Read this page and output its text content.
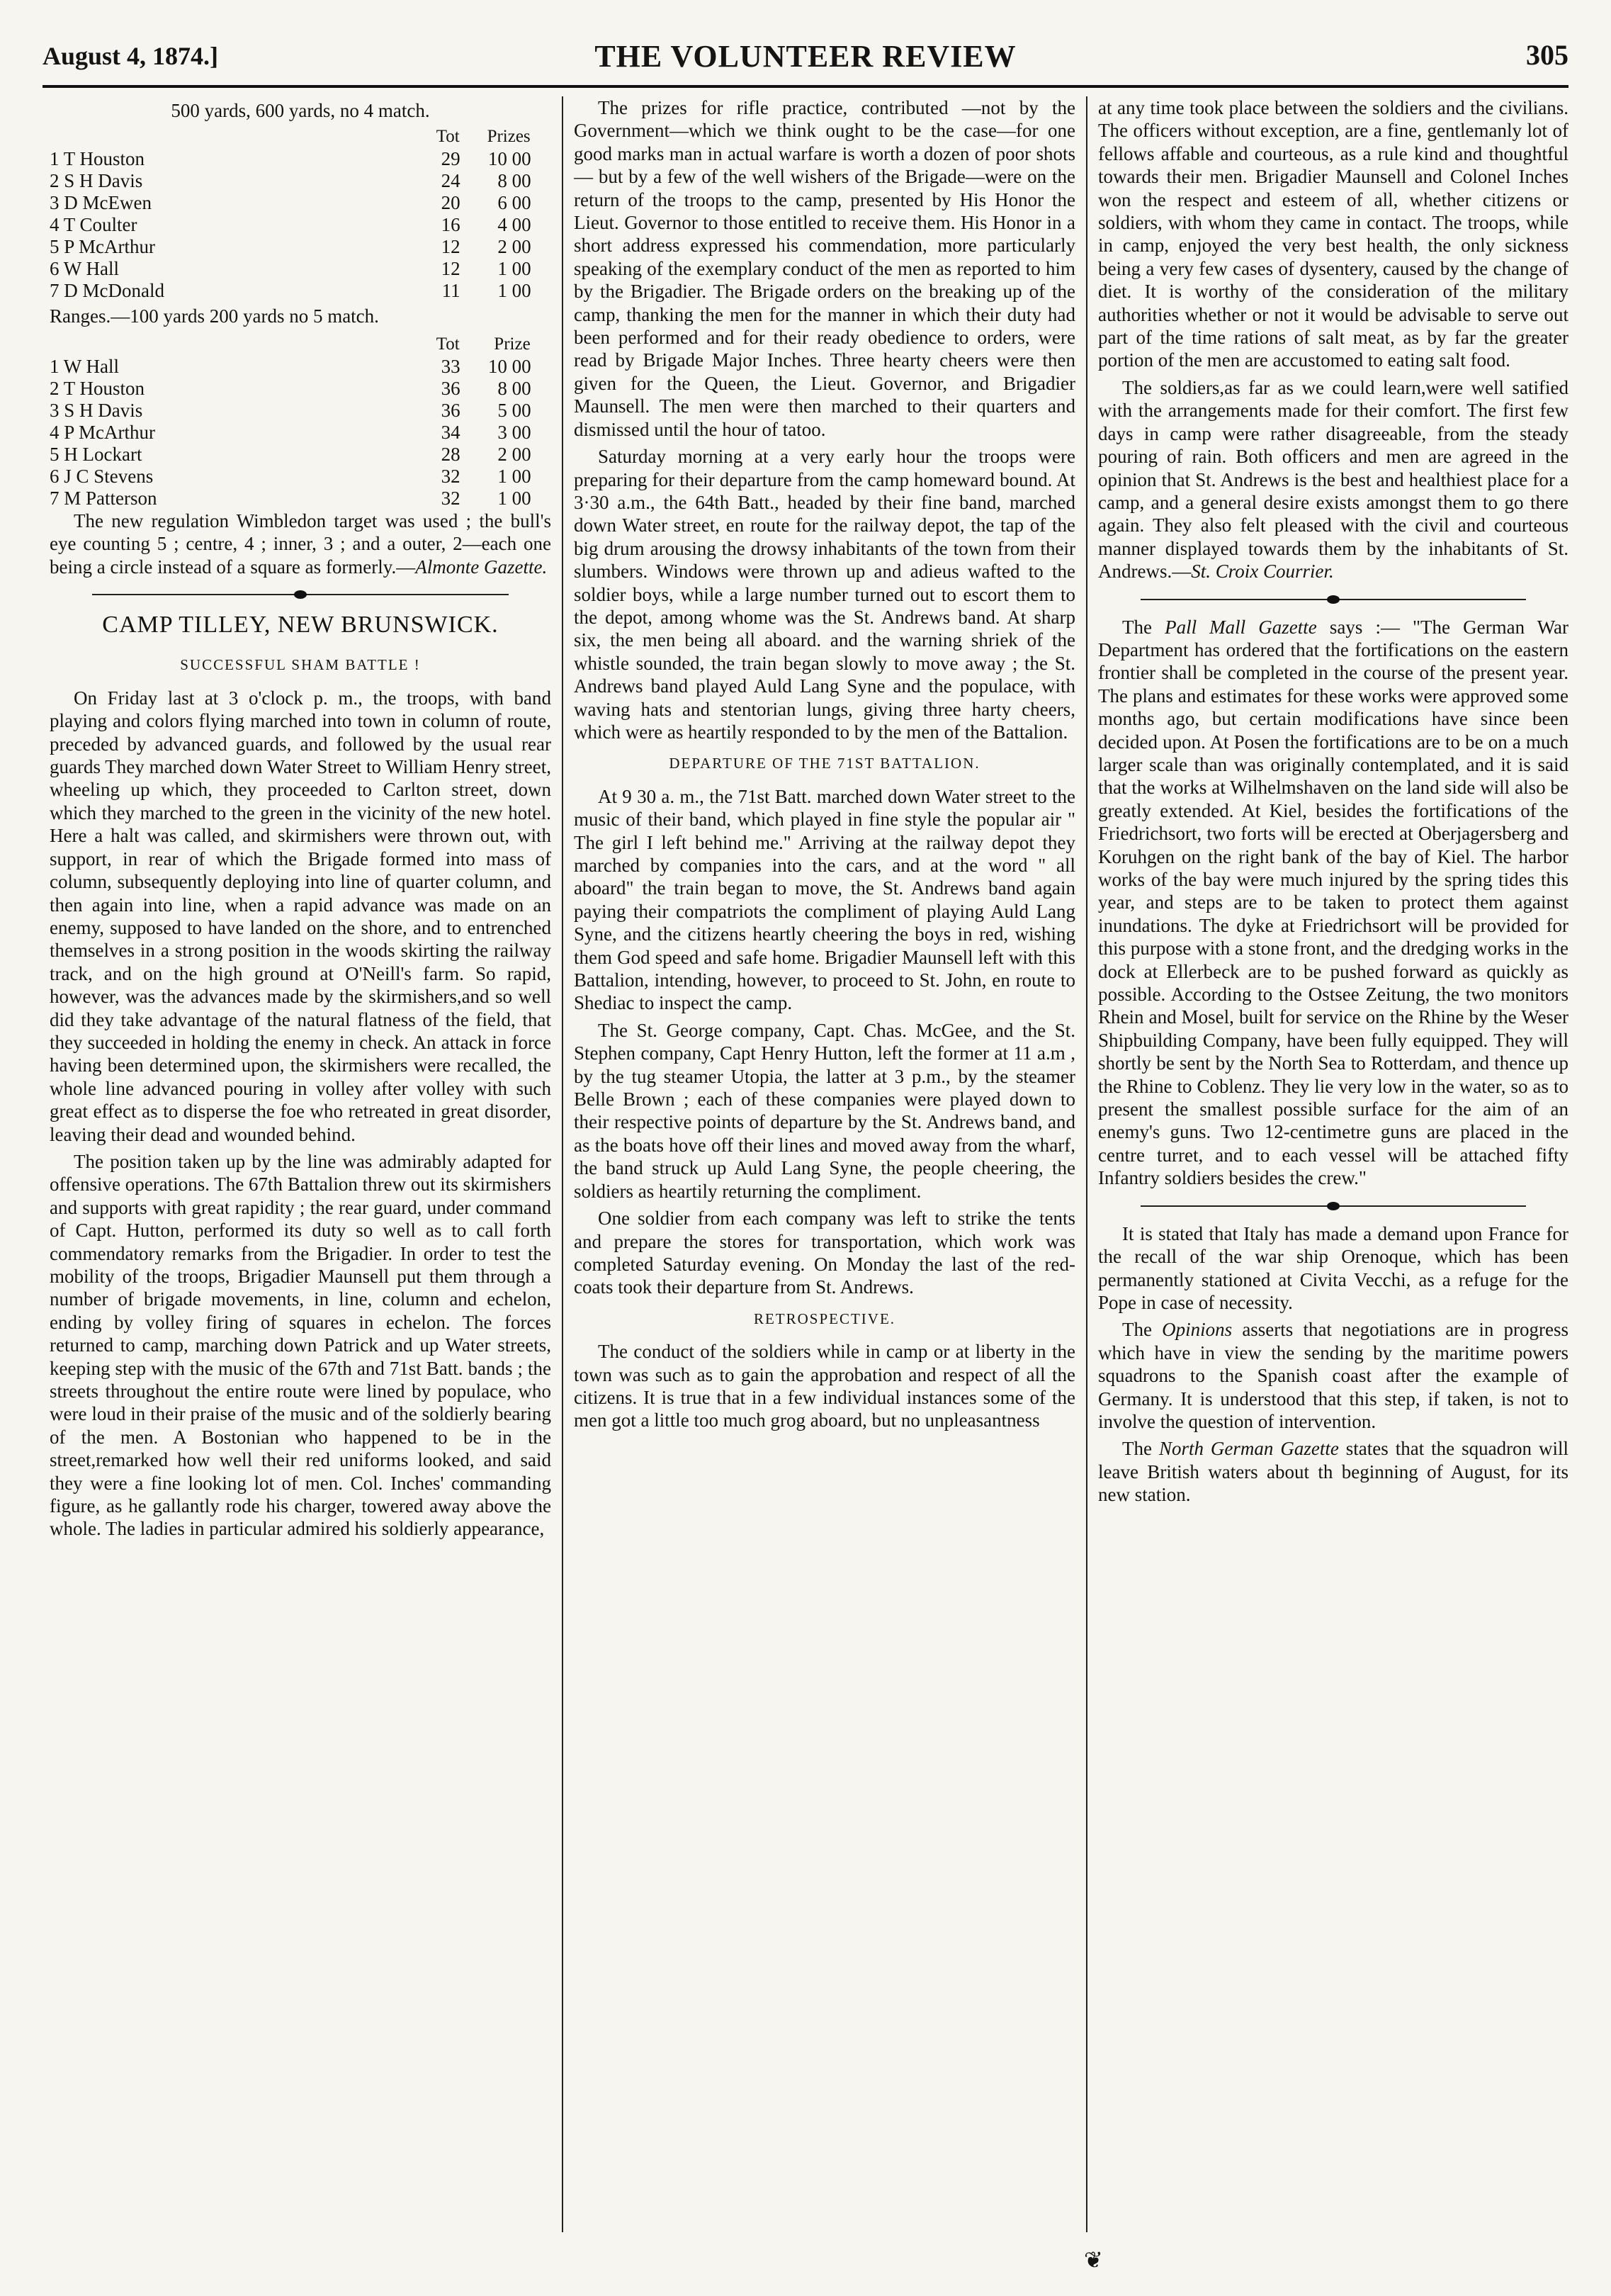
August 4, 1874.]	THE VOLUNTEER REVIEW	305
500 yards, 600 yards, no 4 match.
	Tot	Prizes
1 T Houston	29	10 00
2 S H Davis	24	8 00
3 D McEwen	20	6 00
4 T Coulter	16	4 00
5 P McArthur	12	2 00
6 W Hall	12	1 00
7 D McDonald	11	1 00

Ranges.—100 yards 200 yards no 5 match.

	Tot	Prize
1 W Hall	33	10 00
2 T Houston	36	8 00
3 S H Davis	36	5 00
4 P McArthur	34	3 00
5 H Lockart	28	2 00
6 J C Stevens	32	1 00
7 M Patterson	32	1 00

The new regulation Wimbledon target was used ; the bull's eye counting 5 ; centre, 4 ; inner, 3 ; and a outer, 2—each one being a circle instead of a square as formerly.—Almonte Gazette.

CAMP TILLEY, NEW BRUNSWICK.
SUCCESSFUL SHAM BATTLE !

On Friday last at 3 o'clock p. m., the troops, with band playing and colors flying marched into town in column of route, preceded by advanced guards, and followed by the usual rear guards They marched down Water Street to William Henry street, wheeling up which, they proceeded to Carlton street, down which they marched to the green in the vicinity of the new hotel. Here a halt was called, and skirmishers were thrown out, with support, in rear of which the Brigade formed into mass of column, subsequently deploying into line of quarter column, and then again into line, when a rapid advance was made on an enemy, supposed to have landed on the shore, and to entrenched themselves in a strong position in the woods skirting the railway track, and on the high ground at O'Neill's farm. So rapid, however, was the advances made by the skirmishers,and so well did they take advantage of the natural flatness of the field, that they succeeded in holding the enemy in check. An attack in force having been determined upon, the skirmishers were recalled, the whole line advanced pouring in volley after volley with such great effect as to disperse the foe who retreated in great disorder, leaving their dead and wounded behind.

The position taken up by the line was admirably adapted for offensive operations. The 67th Battalion threw out its skirmishers and supports with great rapidity ; the rear guard, under command of Capt. Hutton, performed its duty so well as to call forth commendatory remarks from the Brigadier. In order to test the mobility of the troops, Brigadier Maunsell put them through a number of brigade movements, in line, column and echelon, ending by volley firing of squares in echelon. The forces returned to camp, marching down Patrick and up Water streets, keeping step with the music of the 67th and 71st Batt. bands ; the streets throughout the entire route were lined by populace, who were loud in their praise of the music and of the soldierly bearing of the men. A Bostonian who happened to be in the street,remarked how well their red uniforms looked, and said they were a fine looking lot of men. Col. Inches' commanding figure, as he gallantly rode his charger, towered away above the whole. The ladies in particular admired his soldierly appearance,

The prizes for rifle practice, contributed —not by the Government—which we think ought to be the case—for one good marks man in actual warfare is worth a dozen of poor shots— but by a few of the well wishers of the Brigade—were on the return of the troops to the camp, presented by His Honor the Lieut. Governor to those entitled to receive them. His Honor in a short address expressed his commendation, more particularly speaking of the exemplary conduct of the men as reported to him by the Brigadier. The Brigade orders on the breaking up of the camp, thanking the men for the manner in which their duty had been performed and for their ready obedience to orders, were read by Brigade Major Inches. Three hearty cheers were then given for the Queen, the Lieut. Governor, and Brigadier Maunsell. The men were then marched to their quarters and dismissed until the hour of tatoo.

Saturday morning at a very early hour the troops were preparing for their departure from the camp homeward bound. At 3·30 a.m., the 64th Batt., headed by their fine band, marched down Water street, en route for the railway depot, the tap of the big drum arousing the drowsy inhabitants of the town from their slumbers. Windows were thrown up and adieus wafted to the soldier boys, while a large number turned out to escort them to the depot, among whome was the St. Andrews band. At sharp six, the men being all aboard. and the warning shriek of the whistle sounded, the train began slowly to move away ; the St. Andrews band played Auld Lang Syne and the populace, with waving hats and stentorian lungs, giving three harty cheers, which were as heartily responded to by the men of the Battalion.

DEPARTURE OF THE 71ST BATTALION.

At 9 30 a. m., the 71st Batt. marched down Water street to the music of their band, which played in fine style the popular air " The girl I left behind me." Arriving at the railway depot they marched by companies into the cars, and at the word " all aboard" the train began to move, the St. Andrews band again paying their compatriots the compliment of playing Auld Lang Syne, and the citizens heartly cheering the boys in red, wishing them God speed and safe home. Brigadier Maunsell left with this Battalion, intending, however, to proceed to St. John, en route to Shediac to inspect the camp.

The St. George company, Capt. Chas. McGee, and the St. Stephen company, Capt Henry Hutton, left the former at 11 a.m , by the tug steamer Utopia, the latter at 3 p.m., by the steamer Belle Brown ; each of these companies were played down to their respective points of departure by the St. Andrews band, and as the boats hove off their lines and moved away from the wharf, the band struck up Auld Lang Syne, the people cheering, the soldiers as heartily returning the compliment.

One soldier from each company was left to strike the tents and prepare the stores for transportation, which work was completed Saturday evening. On Monday the last of the red-coats took their departure from St. Andrews.

RETROSPECTIVE.

The conduct of the soldiers while in camp or at liberty in the town was such as to gain the approbation and respect of all the citizens. It is true that in a few individual instances some of the men got a little too much grog aboard, but no unpleasantness

at any time took place between the soldiers and the civilians. The officers without exception, are a fine, gentlemanly lot of fellows affable and courteous, as a rule kind and thoughtful towards their men. Brigadier Maunsell and Colonel Inches won the respect and esteem of all, whether citizens or soldiers, with whom they came in contact. The troops, while in camp, enjoyed the very best health, the only sickness being a very few cases of dysentery, caused by the change of diet. It is worthy of the consideration of the military authorities whether or not it would be advisable to serve out part of the time rations of salt meat, as by far the greater portion of the men are accustomed to eating salt food.

The soldiers,as far as we could learn,were well satified with the arrangements made for their comfort. The first few days in camp were rather disagreeable, from the steady pouring of rain. Both officers and men are agreed in the opinion that St. Andrews is the best and healthiest place for a camp, and a general desire exists amongst them to go there again. They also felt pleased with the civil and courteous manner displayed towards them by the inhabitants of St. Andrews.—St. Croix Courrier.

The Pall Mall Gazette says :— "The German War Department has ordered that the fortifications on the eastern frontier shall be completed in the course of the present year. The plans and estimates for these works were approved some months ago, but certain modifications have since been decided upon. At Posen the fortifications are to be on a much larger scale than was originally contemplated, and it is said that the works at Wilhelmshaven on the land side will also be greatly extended. At Kiel, besides the fortifications of the Friedrichsort, two forts will be erected at Oberjagersberg and Koruhgen on the right bank of the bay of Kiel. The harbor works of the bay were much injured by the spring tides this year, and steps are to be taken to protect them against inundations. The dyke at Friedrichsort will be provided for this purpose with a stone front, and the dredging works in the dock at Ellerbeck are to be pushed forward as quickly as possible. According to the Ostsee Zeitung, the two monitors Rhein and Mosel, built for service on the Rhine by the Weser Shipbuilding Company, have been fully equipped. They will shortly be sent by the North Sea to Rotterdam, and thence up the Rhine to Coblenz. They lie very low in the water, so as to present the smallest possible surface for the aim of an enemy's guns. Two 12-centimetre guns are placed in the centre turret, and to each vessel will be attached fifty Infantry soldiers besides the crew."

It is stated that Italy has made a demand upon France for the recall of the war ship Orenoque, which has been permanently stationed at Civita Vecchi, as a refuge for the Pope in case of necessity.

The Opinions asserts that negotiations are in progress which have in view the sending by the maritime powers squadrons to the Spanish coast after the example of Germany. It is understood that this step, if taken, is not to involve the question of intervention.

The North German Gazette states that the squadron will leave British waters about th beginning of August, for its new station.

❦
